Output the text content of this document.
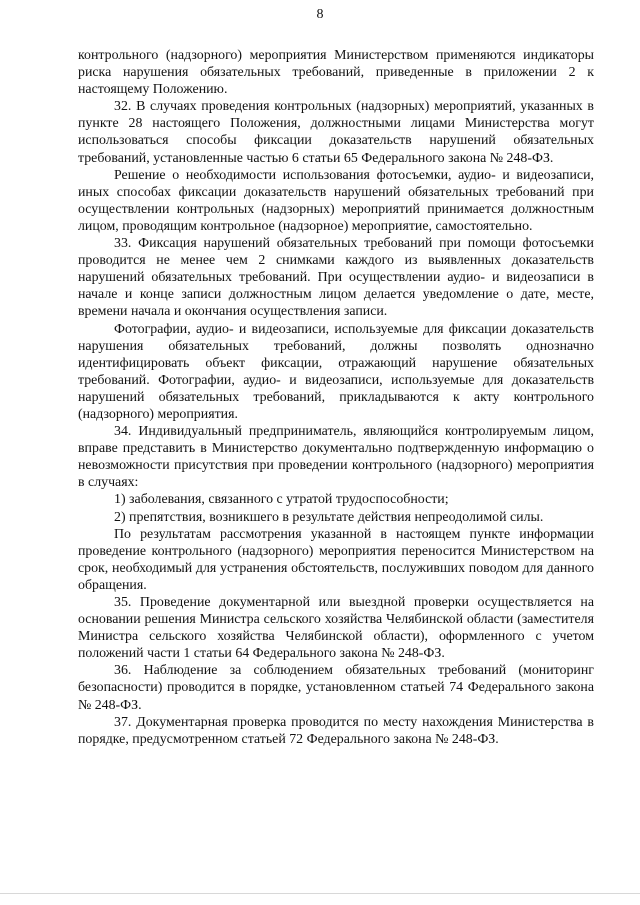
8

контрольного (надзорного) мероприятия Министерством применяются индикаторы риска нарушения обязательных требований, приведенные в приложении 2 к настоящему Положению.

32. В случаях проведения контрольных (надзорных) мероприятий, указанных в пункте 28 настоящего Положения, должностными лицами Министерства могут использоваться способы фиксации доказательств нарушений обязательных требований, установленные частью 6 статьи 65 Федерального закона № 248-ФЗ.

Решение о необходимости использования фотосъемки, аудио- и видеозаписи, иных способах фиксации доказательств нарушений обязательных требований при осуществлении контрольных (надзорных) мероприятий принимается должностным лицом, проводящим контрольное (надзорное) мероприятие, самостоятельно.

33. Фиксация нарушений обязательных требований при помощи фотосъемки проводится не менее чем 2 снимками каждого из выявленных доказательств нарушений обязательных требований. При осуществлении аудио- и видеозаписи в начале и конце записи должностным лицом делается уведомление о дате, месте, времени начала и окончания осуществления записи.

Фотографии, аудио- и видеозаписи, используемые для фиксации доказательств нарушения обязательных требований, должны позволять однозначно идентифицировать объект фиксации, отражающий нарушение обязательных требований. Фотографии, аудио- и видеозаписи, используемые для доказательств нарушений обязательных требований, прикладываются к акту контрольного (надзорного) мероприятия.

34. Индивидуальный предприниматель, являющийся контролируемым лицом, вправе представить в Министерство документально подтвержденную информацию о невозможности присутствия при проведении контрольного (надзорного) мероприятия в случаях:

1) заболевания, связанного с утратой трудоспособности;

2) препятствия, возникшего в результате действия непреодолимой силы.

По результатам рассмотрения указанной в настоящем пункте информации проведение контрольного (надзорного) мероприятия переносится Министерством на срок, необходимый для устранения обстоятельств, послуживших поводом для данного обращения.

35. Проведение документарной или выездной проверки осуществляется на основании решения Министра сельского хозяйства Челябинской области (заместителя Министра сельского хозяйства Челябинской области), оформленного с учетом положений части 1 статьи 64 Федерального закона № 248-ФЗ.

36. Наблюдение за соблюдением обязательных требований (мониторинг безопасности) проводится в порядке, установленном статьей 74 Федерального закона № 248-ФЗ.

37. Документарная проверка проводится по месту нахождения Министерства в порядке, предусмотренном статьей 72 Федерального закона № 248-ФЗ.
